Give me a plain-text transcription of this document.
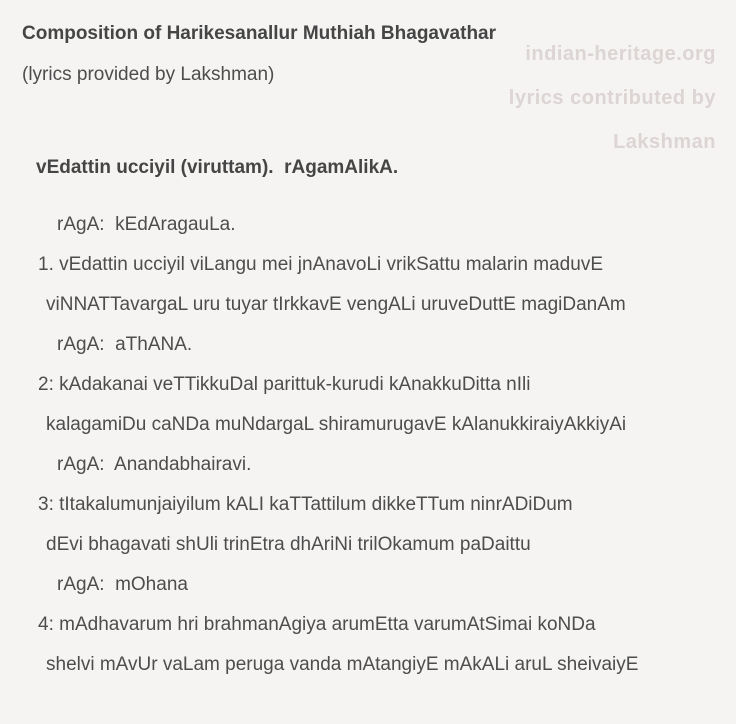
Composition of Harikesanallur Muthiah Bhagavathar
(lyrics provided by Lakshman)
indian-heritage.org
lyrics contributed by
Lakshman
vEdattin ucciyil (viruttam).  rAgamAlikA.
rAgA:  kEdAragauLa.
1. vEdattin ucciyil viLangu mei jnAnavoLi vrikSattu malarin maduvE
viNNATTavargaL uru tuyar tIrkkavE vengALi uruveDuttE magiDanAm
rAgA:  aThANA.
2: kAdakanai veTTikkuDal parittuk-kurudi kAnakkuDitta nIli
kalagamiDu caNDa muNdargaL shiramurugavE kAlanukkiraiyAkkiyAi
rAgA:  Anandabhairavi.
3: tItakalumunjaiyilum kALI kaTTattilum dikkeTTum ninrADiDum
dEvi bhagavati shUli trinEtra dhAriNi trilOkamum paDaittu
rAgA:  mOhana
4: mAdhavarum hri brahmanAgiya arumEtta varumAtSimai koNDa
shelvi mAvUr vaLam peruga vanda mAtangiyE mAkALi aruL sheivaiyE
